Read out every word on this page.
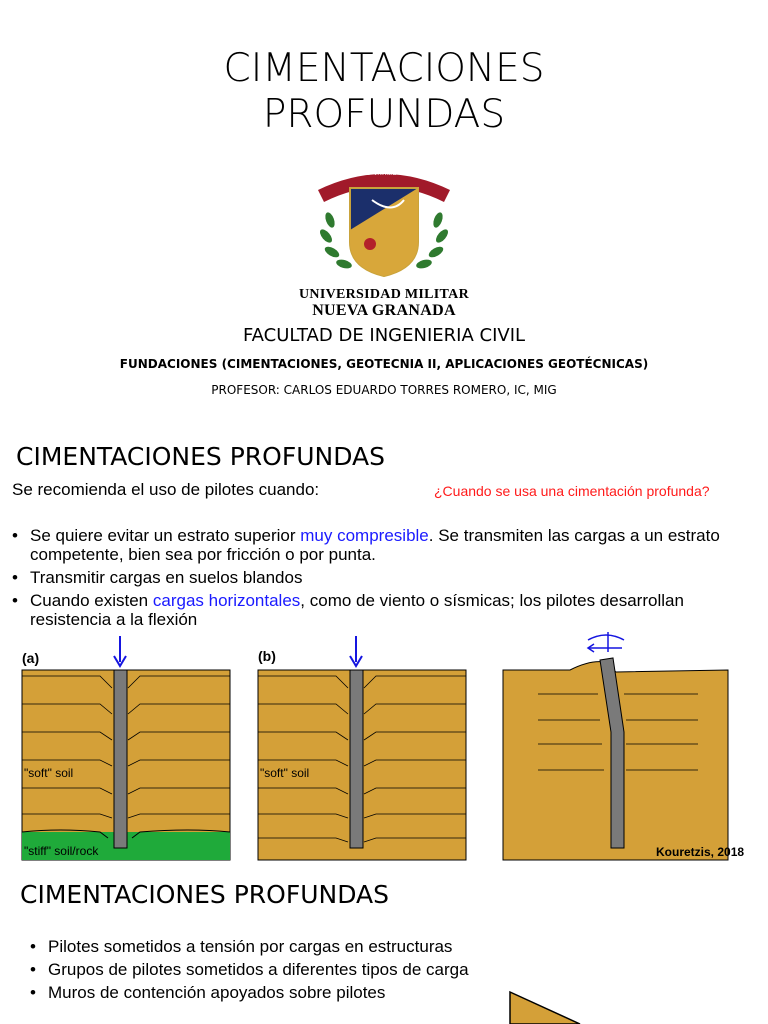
CIMENTACIONES
PROFUNDAS
SCIENTIÆ · PATRIÆ · FAMILIÆ
UNIVERSIDAD MILITAR
NUEVA GRANADA
FACULTAD DE INGENIERIA CIVIL
FUNDACIONES (CIMENTACIONES, GEOTECNIA II, APLICACIONES GEOTÉCNICAS)
PROFESOR: CARLOS EDUARDO TORRES ROMERO, IC, MIG
CIMENTACIONES PROFUNDAS
Se recomienda el uso de pilotes cuando:	¿Cuando se usa una cimentación profunda?
• Se quiere evitar un estrato superior muy compresible. Se transmiten las cargas a un estrato competente, bien sea por fricción o por punta.
• Transmitir cargas en suelos blandos
• Cuando existen cargas horizontales, como de viento o sísmicas; los pilotes desarrollan resistencia a la flexión
(a)	(b)
"soft" soil	"soft" soil
"stiff" soil/rock	Kouretzis, 2018
CIMENTACIONES PROFUNDAS
• Pilotes sometidos a tensión por cargas en estructuras
• Grupos de pilotes sometidos a diferentes tipos de carga
• Muros de contención apoyados sobre pilotes
